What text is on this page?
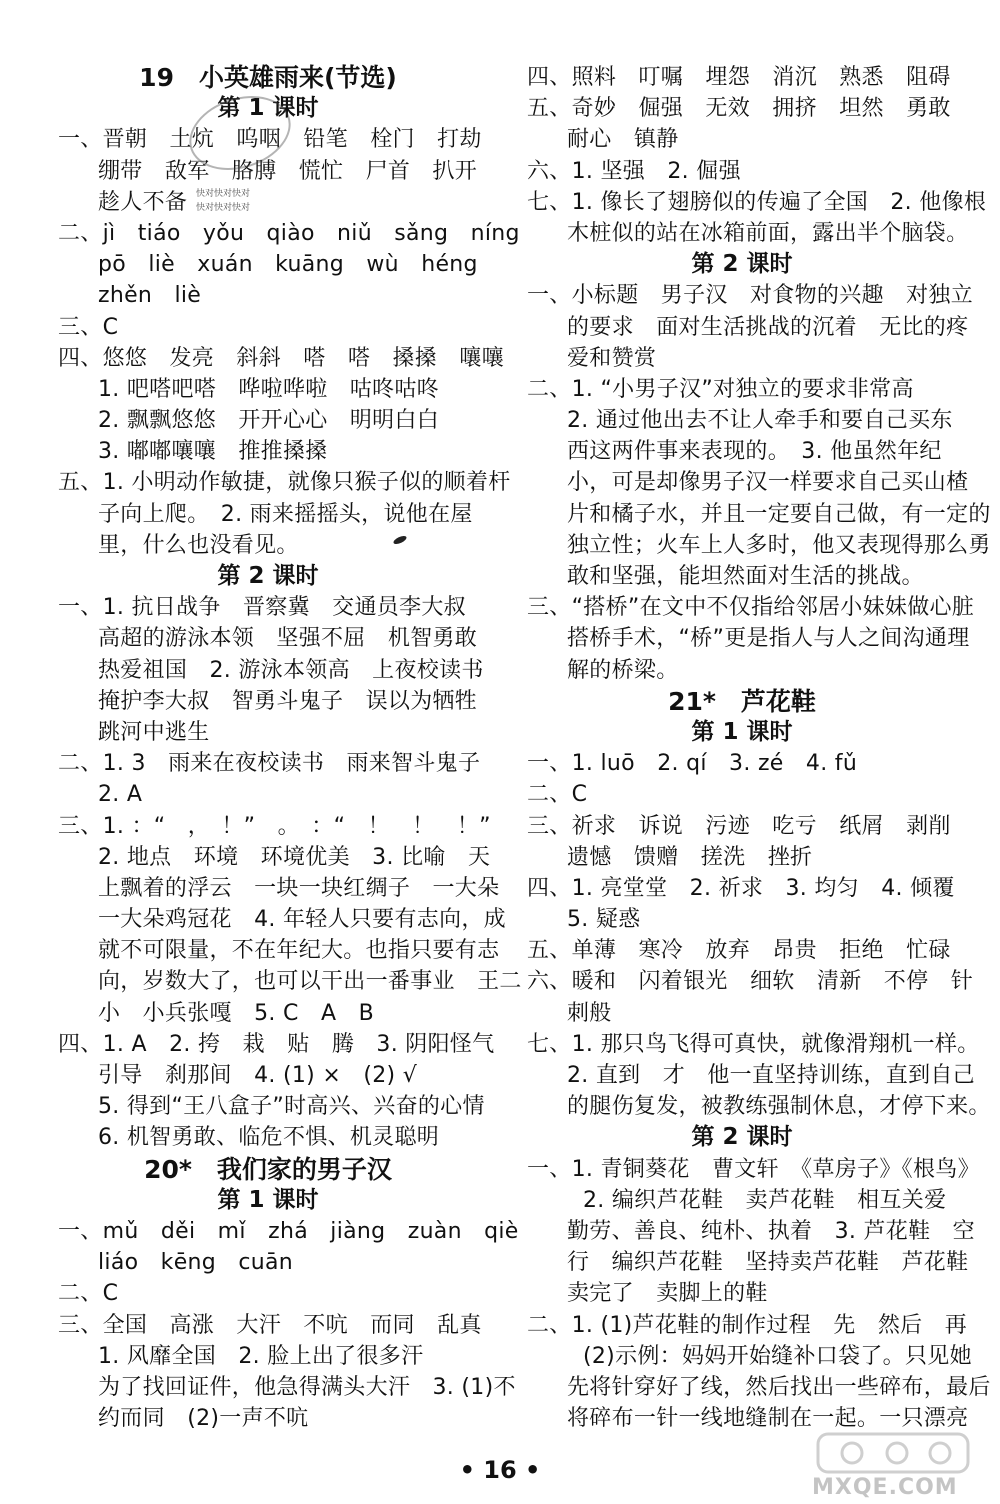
19　小英雄雨来(节选)
第 1 课时
一、晋朝　土炕　呜咽　铅笔　栓门　打劫
绷带　敌军　胳膊　慌忙　尸首　扒开
趁人不备
二、jì　tiáo　yǒu　qiào　niǔ　sǎng　níng
pō　liè　xuán　kuāng　wù　héng
zhěn　liè
三、C
四、悠悠　发亮　斜斜　嗒　嗒　搡搡　嚷嚷
1. 吧嗒吧嗒　哗啦哗啦　咕咚咕咚
2. 飘飘悠悠　开开心心　明明白白
3. 嘟嘟嚷嚷　推推搡搡
五、1. 小明动作敏捷，就像只猴子似的顺着杆
子向上爬。　2. 雨来摇摇头，说他在屋
里，什么也没看见。
第 2 课时
一、1. 抗日战争　晋察冀　交通员李大叔
高超的游泳本领　坚强不屈　机智勇敢
热爱祖国　2. 游泳本领高　上夜校读书
掩护李大叔　智勇斗鬼子　误以为牺牲
跳河中逃生
二、1. 3　雨来在夜校读书　雨来智斗鬼子
2. A
三、1. ：“　，　！”　。　：“　！　！　！”
2. 地点　环境　环境优美　3. 比喻　天
上飘着的浮云　一块一块红绸子　一大朵
一大朵鸡冠花　4. 年轻人只要有志向，成
就不可限量，不在年纪大。也指只要有志
向，岁数大了，也可以干出一番事业　王二
小　小兵张嘎　5. C　A　B
四、1. A　2. 挎　栽　贴　腾　3. 阴阳怪气
引导　刹那间　4. (1) ×　(2) √
5. 得到“王八盒子”时高兴、兴奋的心情
6. 机智勇敢、临危不惧、机灵聪明
20*　我们家的男子汉
第 1 课时
一、mǔ　děi　mǐ　zhá　jiàng　zuàn　qiè
liáo　kēng　cuān
二、C
三、全国　高涨　大汗　不吭　而同　乱真
1. 风靡全国　2. 脸上出了很多汗
为了找回证件，他急得满头大汗　3. (1)不
约而同　(2)一声不吭
四、照料　叮嘱　埋怨　消沉　熟悉　阻碍
五、奇妙　倔强　无效　拥挤　坦然　勇敢
耐心　镇静
六、1. 坚强　2. 倔强
七、1. 像长了翅膀似的传遍了全国　2. 他像根
木桩似的站在冰箱前面，露出半个脑袋。
第 2 课时
一、小标题　男子汉　对食物的兴趣　对独立
的要求　面对生活挑战的沉着　无比的疼
爱和赞赏
二、1. “小男子汉”对独立的要求非常高
2. 通过他出去不让人牵手和要自己买东
西这两件事来表现的。　3. 他虽然年纪
小，可是却像男子汉一样要求自己买山楂
片和橘子水，并且一定要自己做，有一定的
独立性；火车上人多时，他又表现得那么勇
敢和坚强，能坦然面对生活的挑战。
三、“搭桥”在文中不仅指给邻居小妹妹做心脏
搭桥手术，“桥”更是指人与人之间沟通理
解的桥梁。
21*　芦花鞋
第 1 课时
一、1. luō　2. qí　3. zé　4. fǔ
二、C
三、祈求　诉说　污迹　吃亏　纸屑　剥削
遗憾　馈赠　搓洗　挫折
四、1. 亮堂堂　2. 祈求　3. 均匀　4. 倾覆
5. 疑惑
五、单薄　寒冷　放弃　昂贵　拒绝　忙碌
六、暖和　闪着银光　细软　清新　不停　针
刺般
七、1. 那只鸟飞得可真快，就像滑翔机一样。
2. 直到　才　他一直坚持训练，直到自己
的腿伤复发，被教练强制休息，才停下来。
第 2 课时
一、1. 青铜葵花　曹文轩　《草房子》《根鸟》
2. 编织芦花鞋　卖芦花鞋　相互关爱
勤劳、善良、纯朴、执着　3. 芦花鞋　空
行　编织芦花鞋　坚持卖芦花鞋　芦花鞋
卖完了　卖脚上的鞋
二、1. (1)芦花鞋的制作过程　先　然后　再
(2)示例：妈妈开始缝补口袋了。只见她
先将针穿好了线，然后找出一些碎布，最后
将碎布一针一线地缝制在一起。一只漂亮
快对快对快对
快对快对快对
• 16 •
MXQE.COM
